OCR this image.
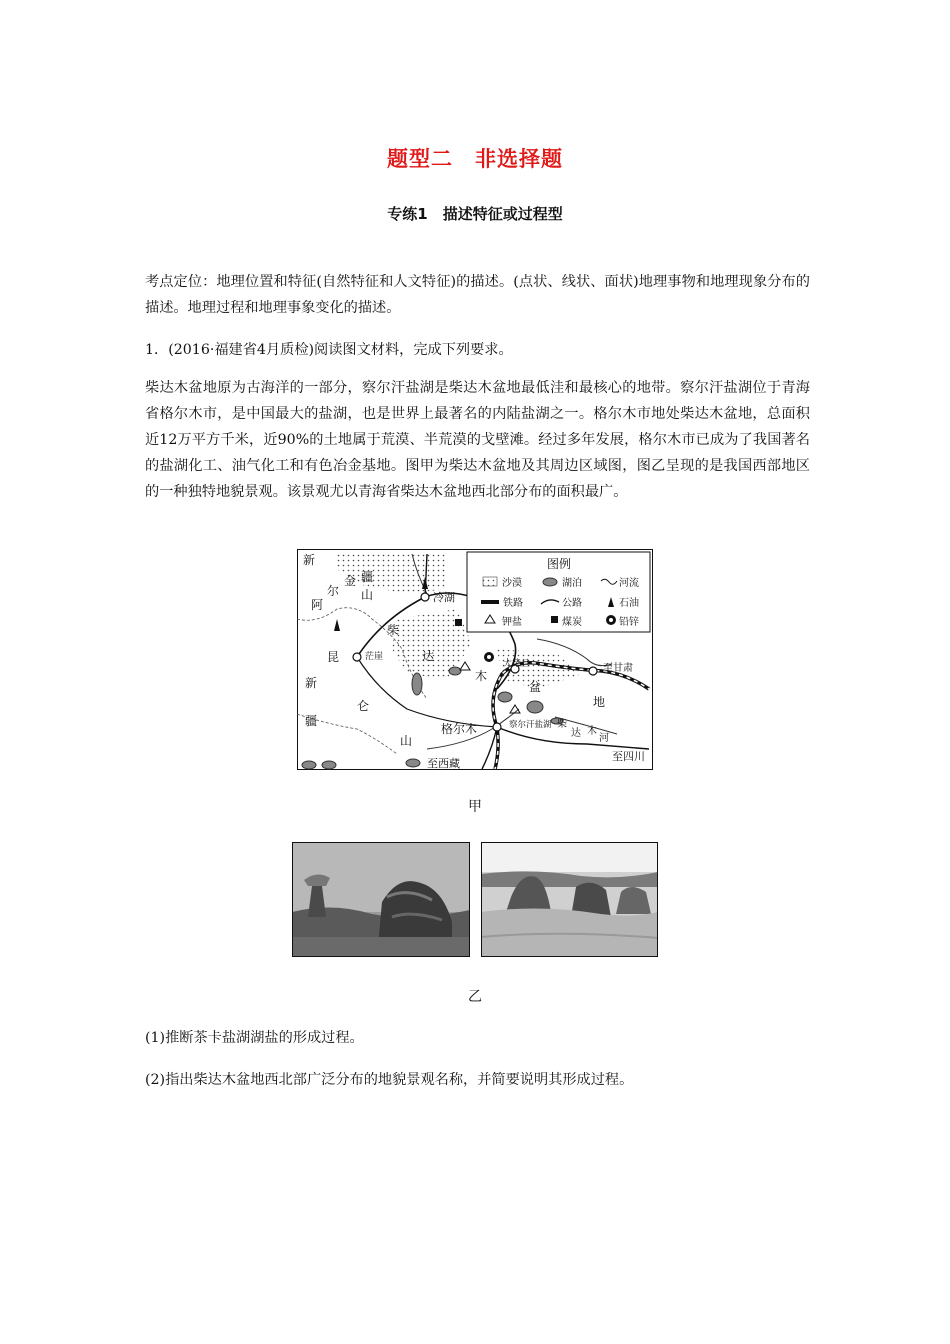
题型二　非选择题
专练1　描述特征或过程型
考点定位：地理位置和特征(自然特征和人文特征)的描述。(点状、线状、面状)地理事物和地理现象分布的描述。地理过程和地理事象变化的描述。
1．(2016·福建省4月质检)阅读图文材料，完成下列要求。
柴达木盆地原为古海洋的一部分，察尔汗盐湖是柴达木盆地最低洼和最核心的地带。察尔汗盐湖位于青海省格尔木市，是中国最大的盐湖，也是世界上最著名的内陆盐湖之一。格尔木市地处柴达木盆地，总面积近12万平方千米，近90%的土地属于荒漠、半荒漠的戈壁滩。经过多年发展，格尔木市已成为了我国著名的盐湖化工、油气化工和有色冶金基地。图甲为柴达木盆地及其周边区域图，图乙呈现的是我国西部地区的一种独特地貌景观。该景观尤以青海省柴达木盆地西北部分布的面积最广。
图例
沙漠	湖泊	河流
铁路	公路	石油
钾盐	煤炭	铅锌
新
疆
阿
尔
金
山	冷湖
柴
达
木
昆	茫崖
新
疆
仑
山
大柴旦	至甘肃
盆
地
察尔汗盐湖 柴
达 木
河
格尔木
至西藏
至四川
甲
乙
(1)推断茶卡盐湖湖盐的形成过程。
(2)指出柴达木盆地西北部广泛分布的地貌景观名称，并简要说明其形成过程。
